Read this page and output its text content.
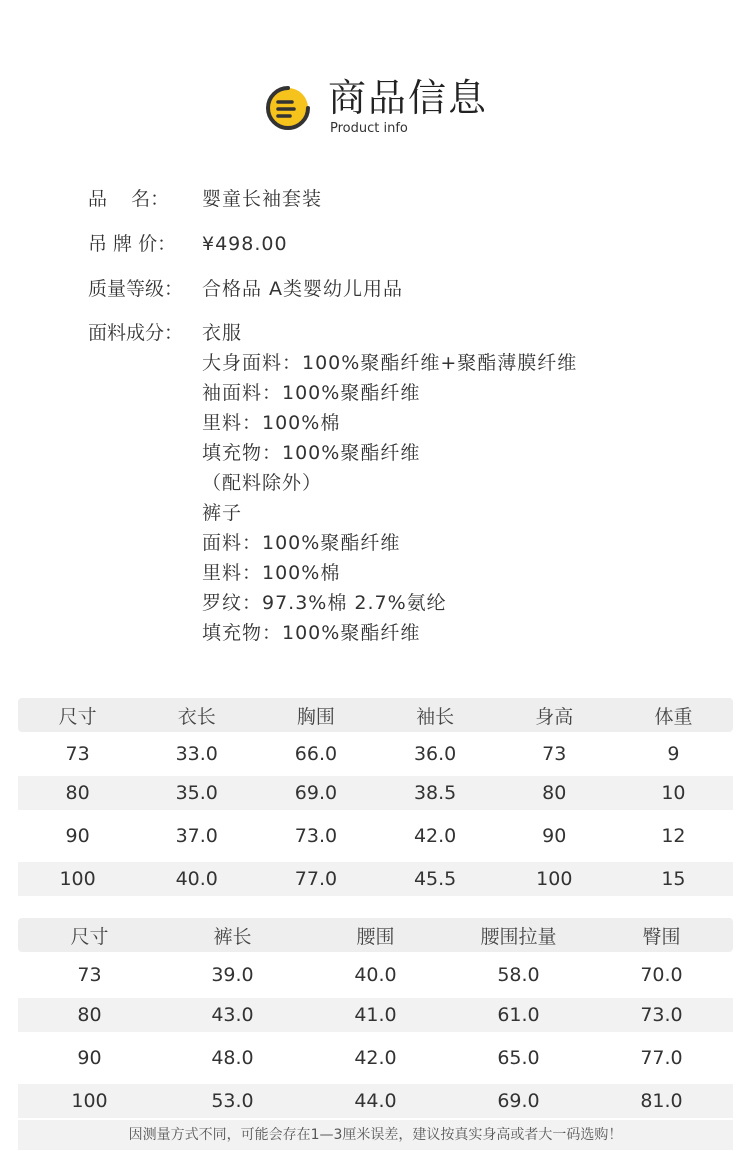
商品信息
Product info
品    名：	婴童长袖套装
吊 牌 价：	¥498.00
质量等级： 合格品 A类婴幼儿用品
面料成分： 衣服
大身面料：100%聚酯纤维+聚酯薄膜纤维
袖面料：100%聚酯纤维
里料：100%棉
填充物：100%聚酯纤维
（配料除外）
裤子
面料：100%聚酯纤维
里料：100%棉
罗纹：97.3%棉 2.7%氨纶
填充物：100%聚酯纤维
尺寸	衣长	胸围	袖长	身高	体重
73	33.0	66.0	36.0	73	9
80	35.0	69.0	38.5	80	10
90	37.0	73.0	42.0	90	12
100	40.0	77.0	45.5	100	15
尺寸	裤长	腰围	腰围拉量	臀围
73	39.0	40.0	58.0	70.0
80	43.0	41.0	61.0	73.0
90	48.0	42.0	65.0	77.0
100	53.0	44.0	69.0	81.0
因测量方式不同，可能会存在1—3厘米误差，建议按真实身高或者大一码选购！
